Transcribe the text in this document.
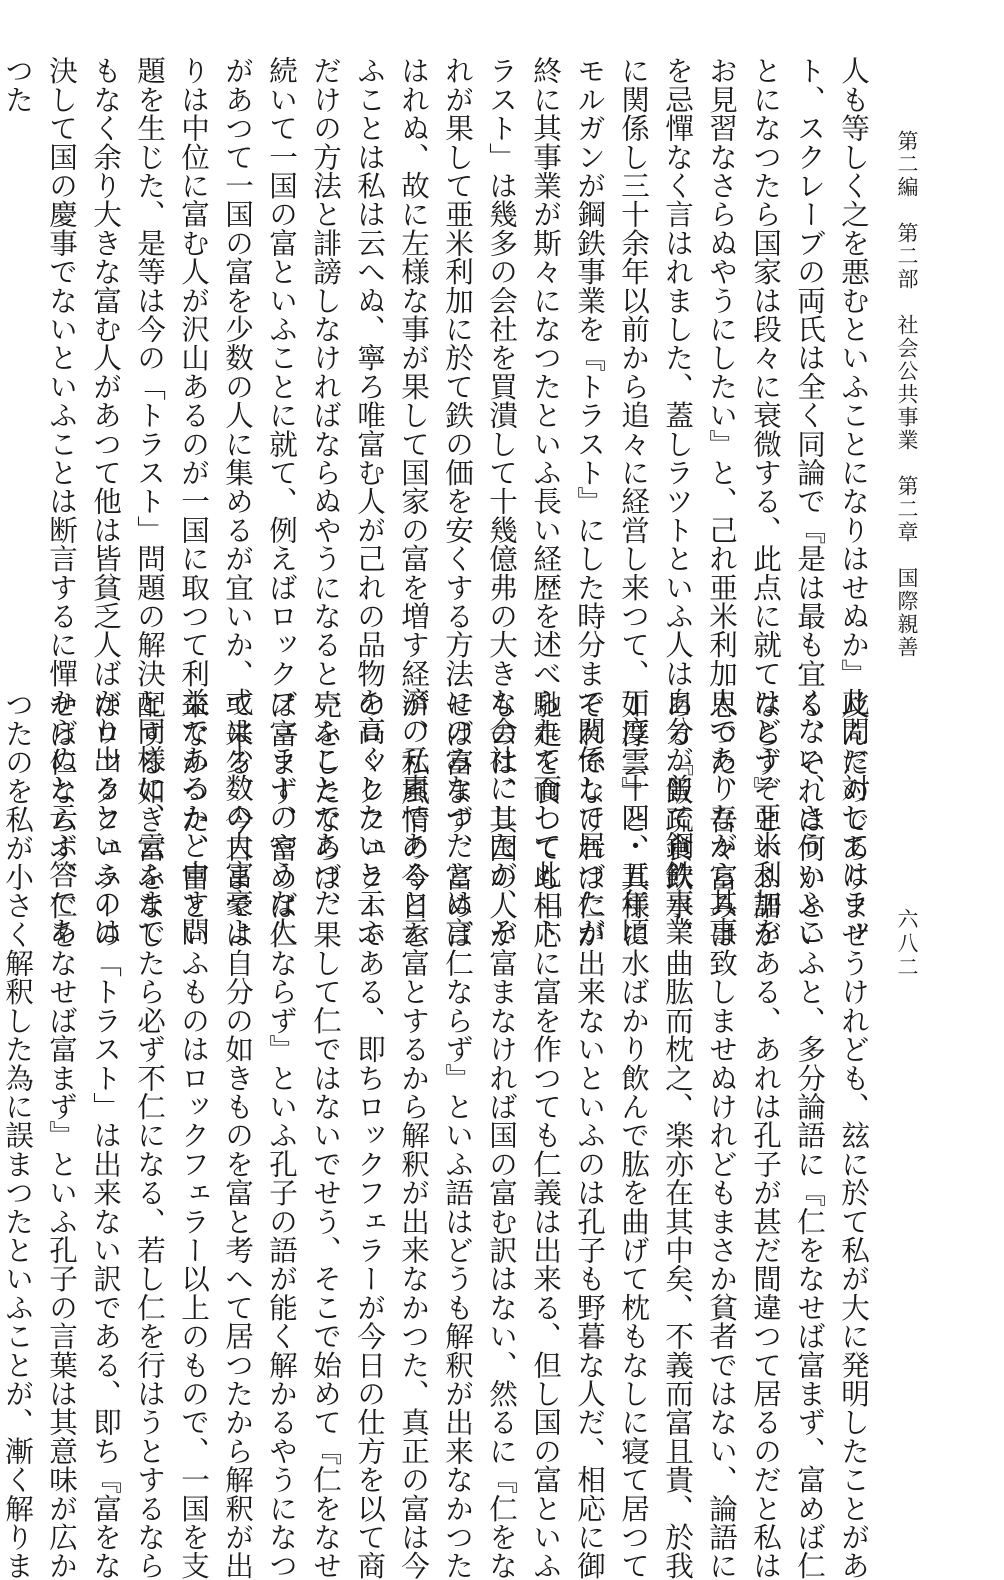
第二編　第二部　社会公共事業　第二章　国際親善
六八二
人も等しく之を悪むといふことになりはせぬか』此問に対してはラッ
ト、スクレーブの両氏は全く同論で『是は最も宜くない、さういふこ
とになつたら国家は段々に衰微する、此点に就てはどうぞ亜米利加を
お見習なさらぬやうにしたい』と、己れ亜米利加人でありながら其事
を忌憚なく言はれました、蓋しラツトといふ人は自分が曾て鋼鉄事業
に関係し三十余年以前から追々に経営し来つて、丁度三十四・五年頃
モルガンが鋼鉄事業を『トラスト』にした時分まで関係して居つたが
終に其事業が斯々になつたといふ長い経歴を述べられて而して此「ト
ラスト」は幾多の会社を買潰して十幾億弗の大きな会社にしたが、そ
れが果して亜米利加に於て鉄の価を安くする方法にのみなつたとは言
はれぬ、故に左様な事が果して国家の富を増す経済の元素であると云
ふことは私は云へぬ、寧ろ唯富む人が己れの品物を高くしたいと云ふ
だけの方法と誹謗しなければならぬやうになるといふことであつた
続いて一国の富といふことに就て、例えばロックフェラーのやうな人
があつて一国の富を少数の人に集めるが宜いか、或は少数の大富豪よ
りは中位に富む人が沢山あるのが一国に取つて利益であるかと申す問
題を生じた、是等は今の「トラスト」問題の解決と同様に、云ふまで
もなく余り大きな富む人があつて他は皆貧乏人ばかり出るといふのは
決して国の慶事でないといふことは断言するに憚からぬと云ふ答であ
つた
及んだのでありませうけれども、玆に於て私が大に発明したことがあ
る、それは何かといふと、多分論語に『仁をなせば富まず、富めば仁
ならず』といふ語がある、あれは孔子が甚だ間違つて居るのだと私は
思つた、吾々富みは致しませぬけれどもまさか貧者ではない、論語に
ある『飯疏食飲水、曲肱而枕之、楽亦在其中矣、不義而富且貴、於我
如浮雲』と、其様に水ばかり飲んで肱を曲げて枕もなしに寝て居つて
それでなければ仁が出来ないといふのは孔子も野暮な人だ、相応に御
馳走を食つても相応に富を作つても仁義は出来る、但し国の富といふ
ものは、其国の人が富まなければ国の富む訳はない、然るに『仁をな
せば富まず、富めば仁ならず』といふ語はどうも解釈が出来なかつた
が、私風情の今日を富とするから解釈が出来なかつた、真正の富は今
のロックフェラーである、即ちロックフェラーが今日の仕方を以て商
売をしたならば、果して仁ではないでせう、そこで始めて『仁をなせ
ば富まず、富めば仁ならず』といふ孔子の語が能く解かるやうになつ
て来る、今日までは自分の如きものを富と考へて居つたから解釈が出
来なかつた、富といふものはロックフェラー以上のもので、一国を支
配する如き富をなしたら必ず不仁になる、若し仁を行はうとするなら
ばロックフェラーの「トラスト」は出来ない訳である、即ち『富をな
せば仁ならず、仁をなせば富まず』といふ孔子の言葉は其意味が広か
つたのを私が小さく解釈した為に誤まつたといふことが、漸く解りま
